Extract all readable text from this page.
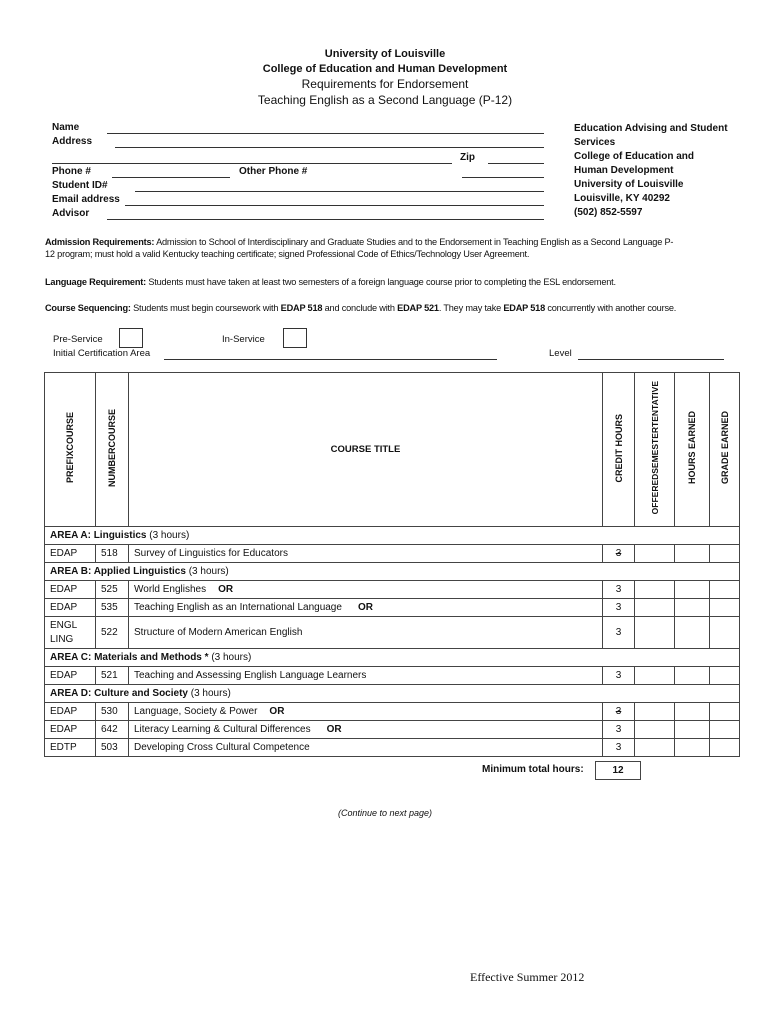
University of Louisville
College of Education and Human Development
Requirements for Endorsement
Teaching English as a Second Language (P-12)
Name
Address
Zip
Phone #	Other Phone #
Student ID#
Email address
Advisor
Education Advising and Student Services
College of Education and
Human Development
University of Louisville
Louisville, KY 40292
(502) 852-5597
Admission Requirements: Admission to School of Interdisciplinary and Graduate Studies and to the Endorsement in Teaching English as a Second Language P-
12 program; must hold a valid Kentucky teaching certificate; signed Professional Code of Ethics/Technology User Agreement.
Language Requirement: Students must have taken at least two semesters of a foreign language course prior to completing the ESL endorsement.
Course Sequencing: Students must begin coursework with EDAP 518 and conclude with EDAP 521. They may take EDAP 518 concurrently with another course.
Pre-Service	In-Service
Initial Certification Area	Level
PREFIXCOURSE	NUMBERCOURSE	COURSE TITLE	CREDIT HOURS	OFFEREDSEMESTERTENTATIVE	HOURS EARNED	GRADE EARNED
AREA A: Linguistics (3 hours)						
EDAP	518	Survey of Linguistics for Educators	3			
AREA B: Applied Linguistics (3 hours)						
EDAP	525	World Englishes OR	3			
EDAP	535	Teaching English as an International Language OR	3			
ENGL LING	522	Structure of Modern American English	3			
AREA C: Materials and Methods * (3 hours)						
EDAP	521	Teaching and Assessing English Language Learners	3			
AREA D: Culture and Society (3 hours)						
EDAP	530	Language, Society & Power OR	3			
EDAP	642	Literacy Learning & Cultural Differences OR	3			
EDTP	503	Developing Cross Cultural Competence	3			
Minimum total hours:	12
(Continue to next page)
Effective Summer 2012
